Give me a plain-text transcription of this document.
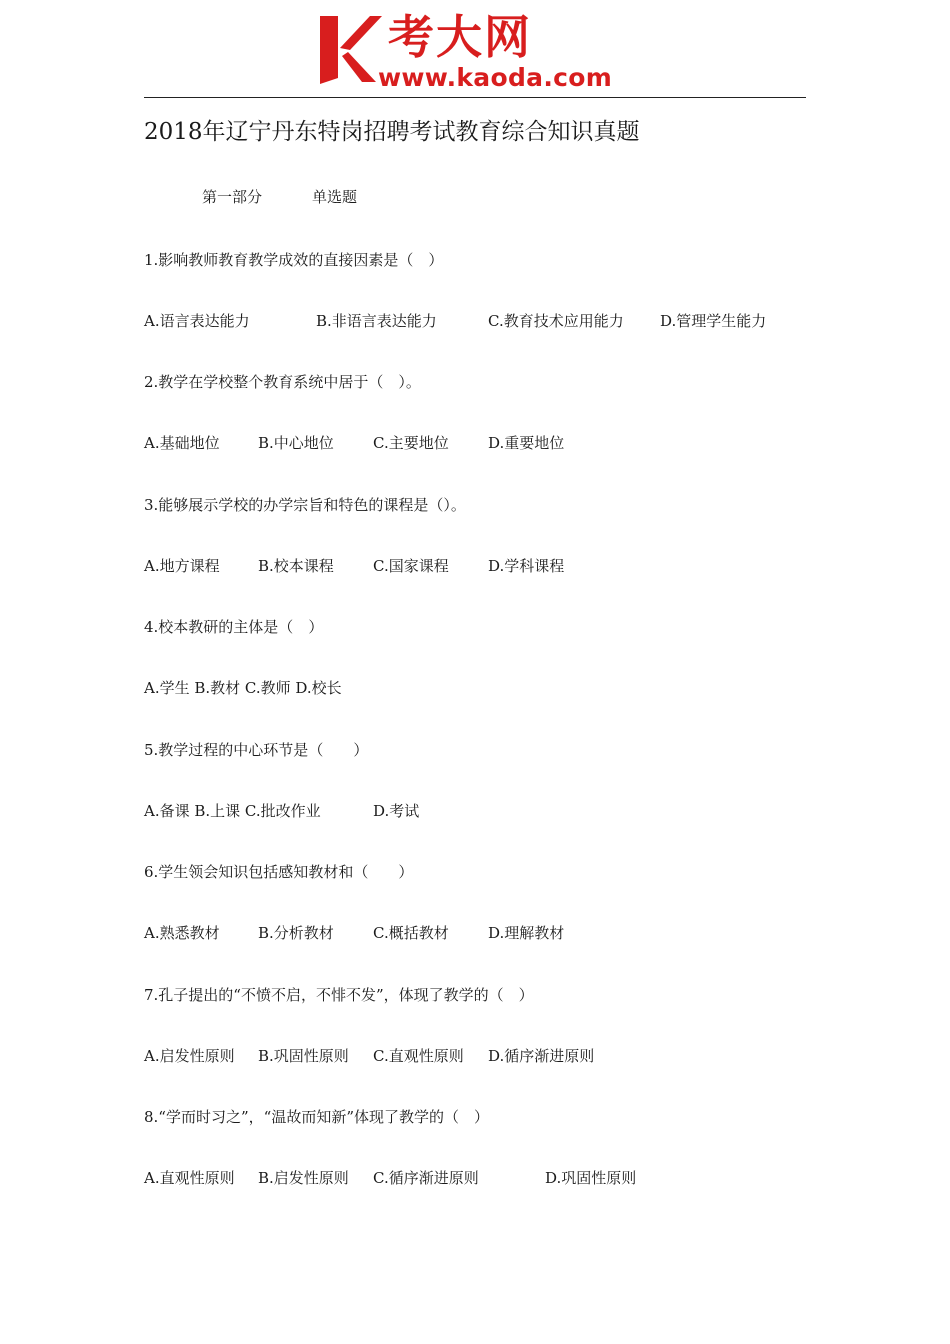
考大网
www.kaoda.com
2018年辽宁丹东特岗招聘考试教育综合知识真题
第一部分	单选题
1.影响教师教育教学成效的直接因素是（　）
A.语言表达能力	B.非语言表达能力	C.教育技术应用能力 D.管理学生能力
2.教学在学校整个教育系统中居于（　）。
A.基础地位	B.中心地位	C.主要地位	D.重要地位
3.能够展示学校的办学宗旨和特色的课程是（）。
A.地方课程	B.校本课程	C.国家课程	D.学科课程
4.校本教研的主体是（　）
A.学生 B.教材 C.教师 D.校长
5.教学过程的中心环节是（　　）
A.备课 B.上课 C.批改作业	D.考试
6.学生领会知识包括感知教材和（　　）
A.熟悉教材	B.分析教材	C.概括教材	D.理解教材
7.孔子提出的“不愤不启，不悱不发”，体现了教学的（　）
A.启发性原则 B.巩固性原则 C.直观性原则 D.循序渐进原则
8.“学而时习之”，“温故而知新”体现了教学的（　）
A.直观性原则 B.启发性原则 C.循序渐进原则	D.巩固性原则
